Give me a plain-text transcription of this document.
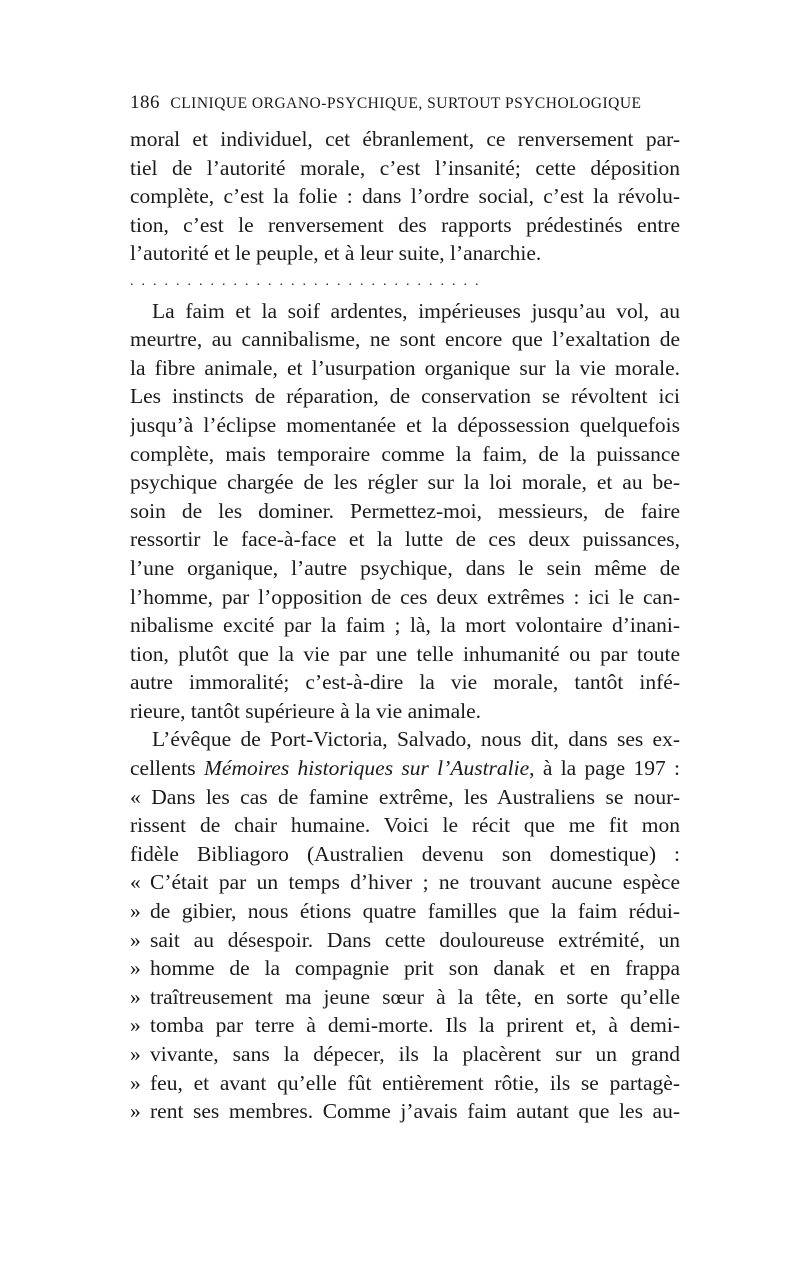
186 CLINIQUE ORGANO-PSYCHIQUE, SURTOUT PSYCHOLOGIQUE
moral et individuel, cet ébranlement, ce renversement par-
tiel de l’autorité morale, c’est l’insanité; cette déposition
complète, c’est la folie : dans l’ordre social, c’est la révolu-
tion, c’est le renversement des rapports prédestinés entre
l’autorité et le peuple, et à leur suite, l’anarchie.
...............................
La faim et la soif ardentes, impérieuses jusqu’au vol, au
meurtre, au cannibalisme, ne sont encore que l’exaltation de
la fibre animale, et l’usurpation organique sur la vie morale.
Les instincts de réparation, de conservation se révoltent ici
jusqu’à l’éclipse momentanée et la dépossession quelquefois
complète, mais temporaire comme la faim, de la puissance
psychique chargée de les régler sur la loi morale, et au be-
soin de les dominer. Permettez-moi, messieurs, de faire
ressortir le face-à-face et la lutte de ces deux puissances,
l’une organique, l’autre psychique, dans le sein même de
l’homme, par l’opposition de ces deux extrêmes : ici le can-
nibalisme excité par la faim ; là, la mort volontaire d’inani-
tion, plutôt que la vie par une telle inhumanité ou par toute
autre immoralité; c’est-à-dire la vie morale, tantôt infé-
rieure, tantôt supérieure à la vie animale.
L’évêque de Port-Victoria, Salvado, nous dit, dans ses ex-
cellents Mémoires historiques sur l’Australie, à la page 197 :
« Dans les cas de famine extrême, les Australiens se nour-
rissent de chair humaine. Voici le récit que me fit mon
fidèle Bibliagoro (Australien devenu son domestique) :
« C’était par un temps d’hiver ; ne trouvant aucune espèce
» de gibier, nous étions quatre familles que la faim rédui-
» sait au désespoir. Dans cette douloureuse extrémité, un
» homme de la compagnie prit son danak et en frappa
» traîtreusement ma jeune sœur à la tête, en sorte qu’elle
» tomba par terre à demi-morte. Ils la prirent et, à demi-
» vivante, sans la dépecer, ils la placèrent sur un grand
» feu, et avant qu’elle fût entièrement rôtie, ils se partagè-
» rent ses membres. Comme j’avais faim autant que les au-
